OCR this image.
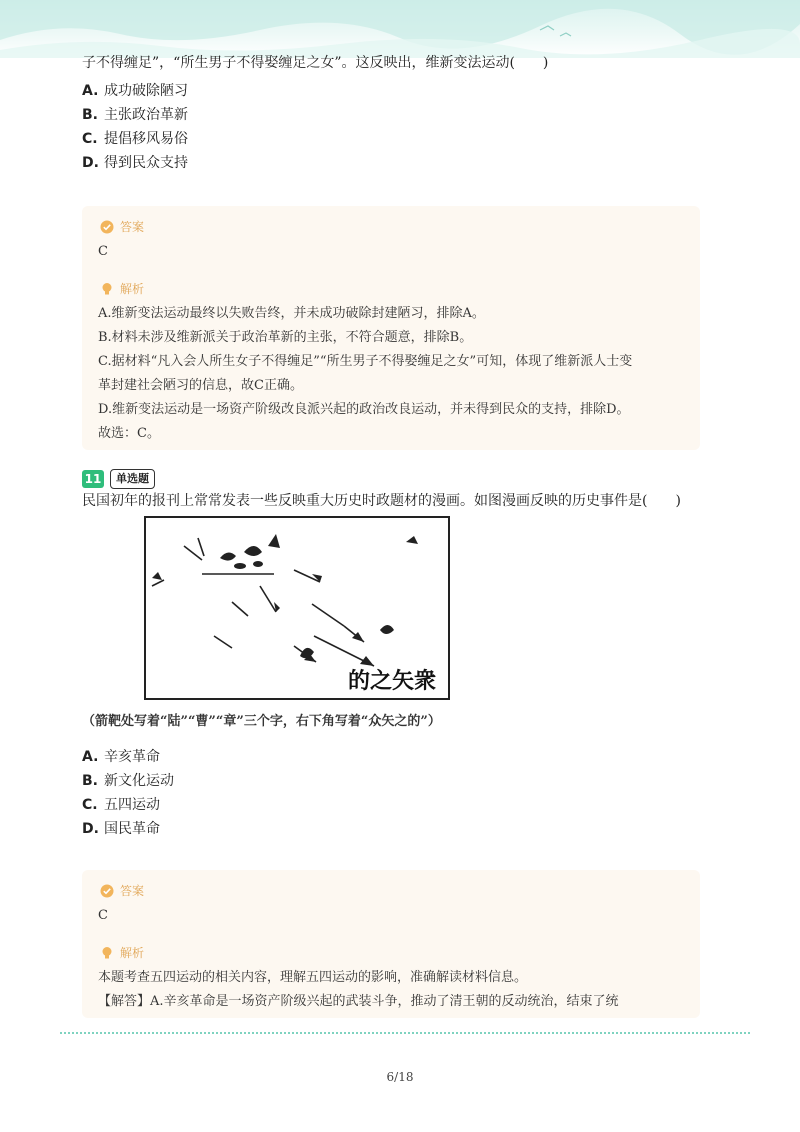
子不得缠足”，“所生男子不得娶缠足之女”。这反映出，维新变法运动(　　)
A. 成功破除陋习
B. 主张政治革新
C. 提倡移风易俗
D. 得到民众支持
答案
C
解析
A.维新变法运动最终以失败告终，并未成功破除封建陋习，排除A。
B.材料未涉及维新派关于政治革新的主张，不符合题意，排除B。
C.据材料“凡入会人所生女子不得缠足”“所生男子不得娶缠足之女”可知，体现了维新派人士变
革封建社会陋习的信息，故C正确。
D.维新变法运动是一场资产阶级改良派兴起的政治改良运动，并未得到民众的支持，排除D。
故选：C。
11	单选题
民国初年的报刊上常常发表一些反映重大历史时政题材的漫画。如图漫画反映的历史事件是(　　)
的之矢衆
（箭靶处写着“陆”“曹”“章”三个字，右下角写着“众矢之的”）
A. 辛亥革命
B. 新文化运动
C. 五四运动
D. 国民革命
答案
C
解析
本题考查五四运动的相关内容，理解五四运动的影响，准确解读材料信息。
【解答】A.辛亥革命是一场资产阶级兴起的武装斗争，推动了清王朝的反动统治，结束了统
6/18
